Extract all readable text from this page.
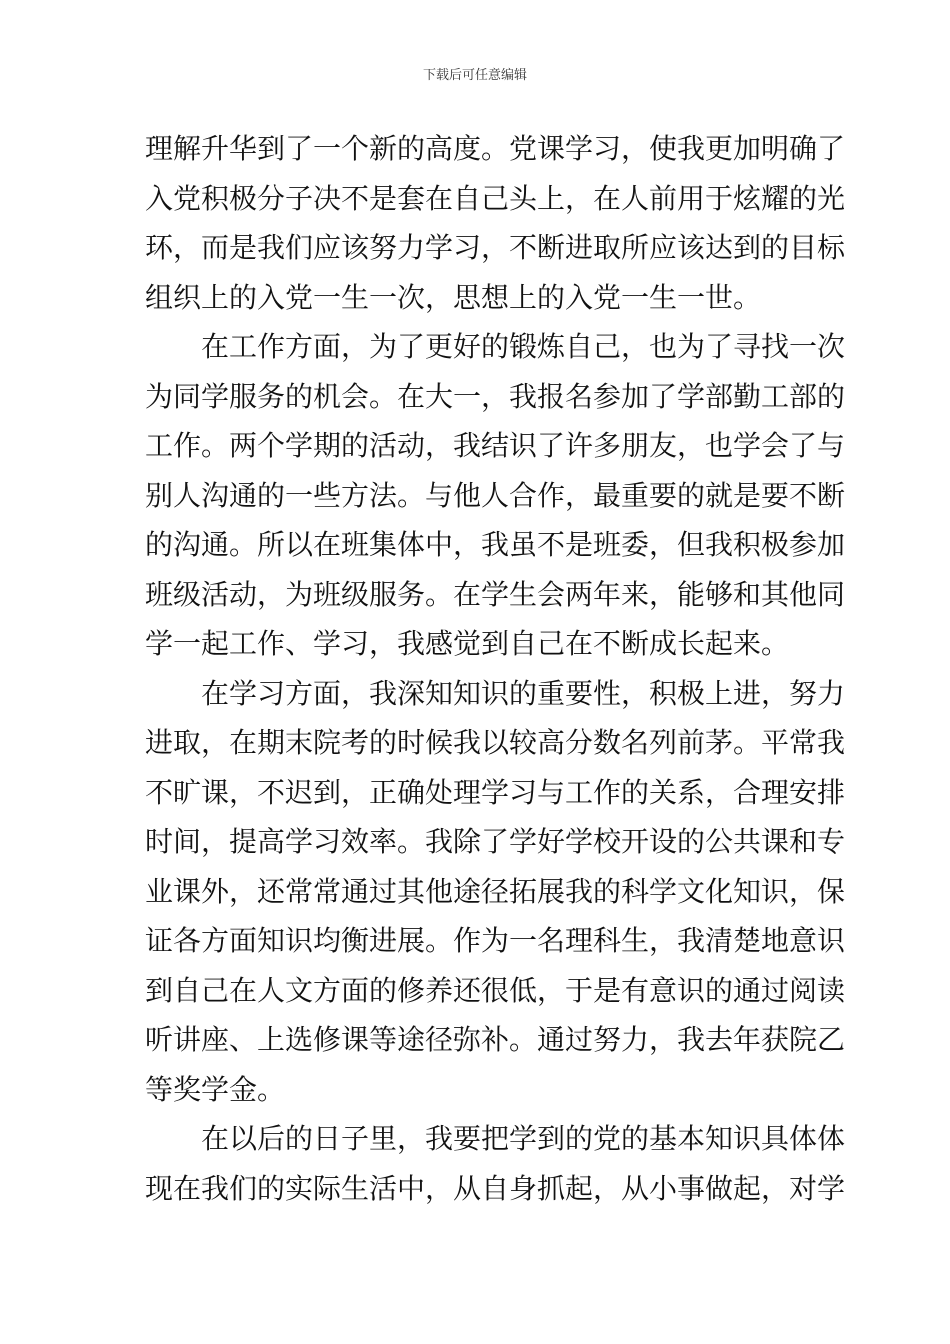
下载后可任意编辑
理解升华到了一个新的高度。党课学习，使我更加明确了
入党积极分子决不是套在自己头上，在人前用于炫耀的光
环，而是我们应该努力学习，不断进取所应该达到的目标
组织上的入党一生一次，思想上的入党一生一世。
在工作方面，为了更好的锻炼自己，也为了寻找一次
为同学服务的机会。在大一，我报名参加了学部勤工部的
工作。两个学期的活动，我结识了许多朋友，也学会了与
别人沟通的一些方法。与他人合作，最重要的就是要不断
的沟通。所以在班集体中，我虽不是班委，但我积极参加
班级活动，为班级服务。在学生会两年来，能够和其他同
学一起工作、学习，我感觉到自己在不断成长起来。
在学习方面，我深知知识的重要性，积极上进，努力
进取，在期末院考的时候我以较高分数名列前茅。平常我
不旷课，不迟到，正确处理学习与工作的关系，合理安排
时间，提高学习效率。我除了学好学校开设的公共课和专
业课外，还常常通过其他途径拓展我的科学文化知识，保
证各方面知识均衡进展。作为一名理科生，我清楚地意识
到自己在人文方面的修养还很低，于是有意识的通过阅读
听讲座、上选修课等途径弥补。通过努力，我去年获院乙
等奖学金。
在以后的日子里，我要把学到的党的基本知识具体体
现在我们的实际生活中，从自身抓起，从小事做起，对学
